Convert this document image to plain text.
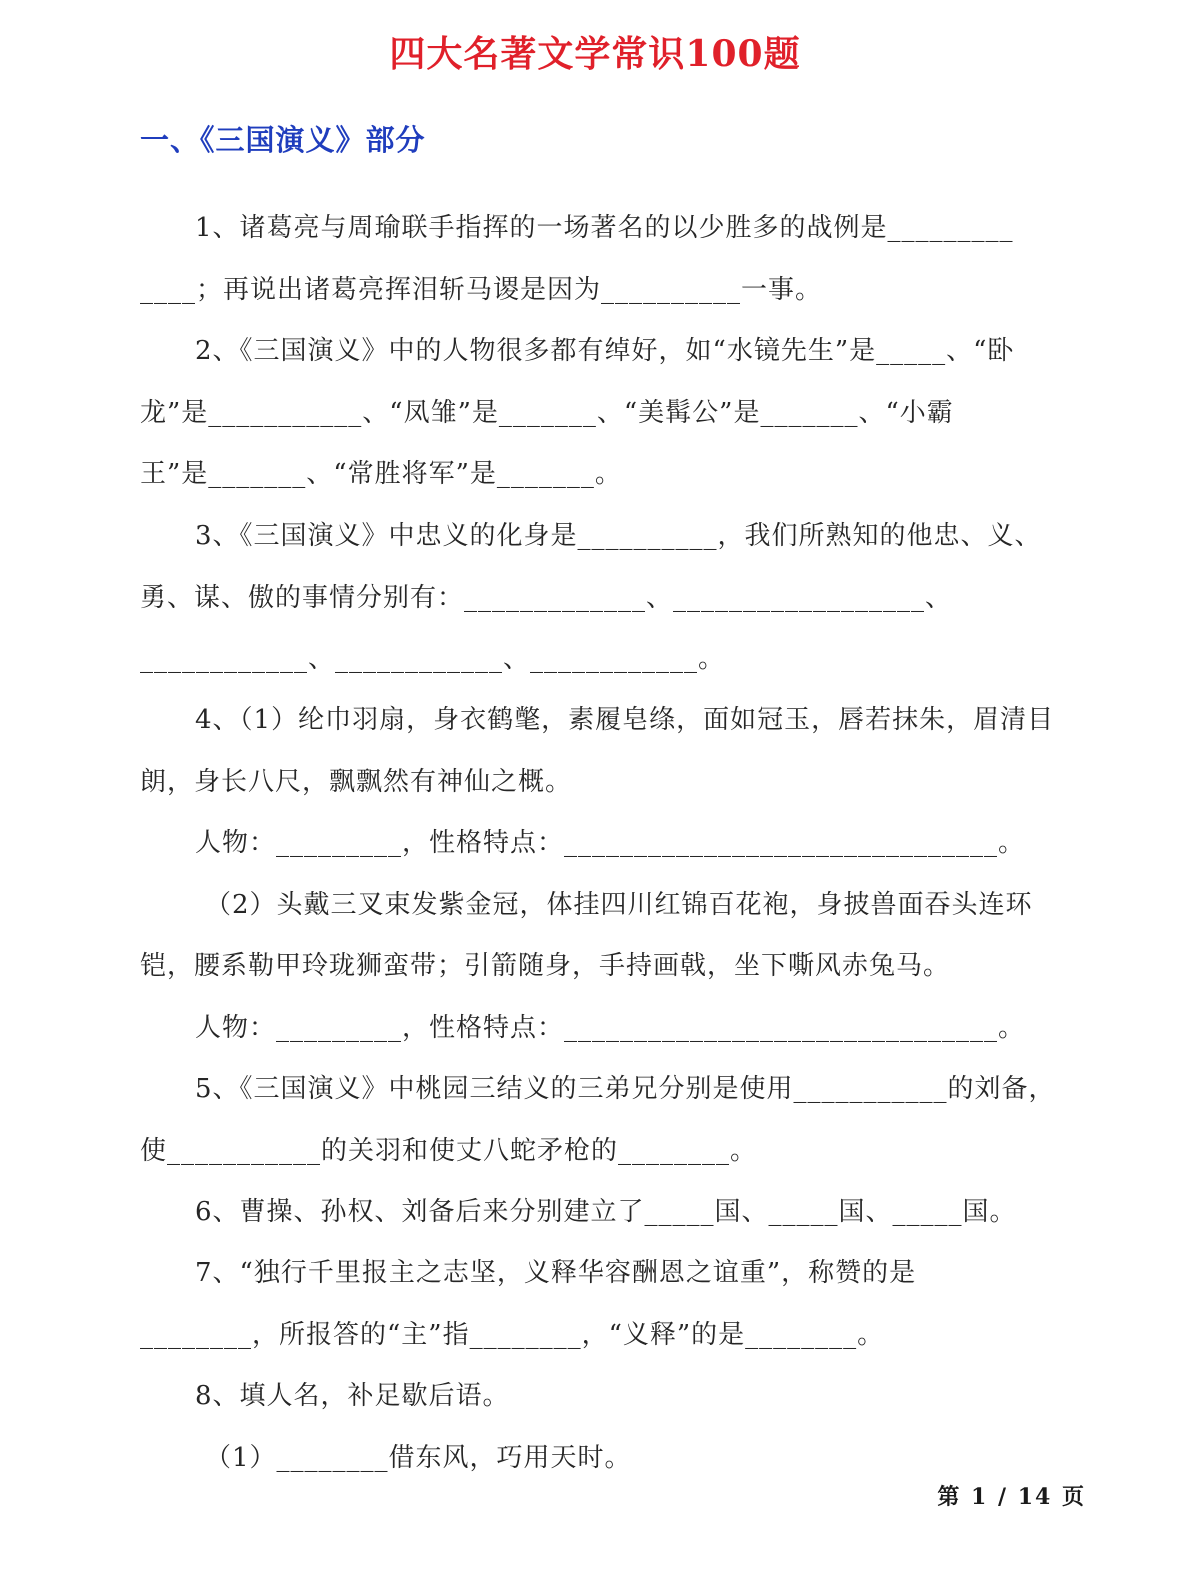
四大名著文学常识100题
一、《三国演义》部分
1、诸葛亮与周瑜联手指挥的一场著名的以少胜多的战例是_________
____；再说出诸葛亮挥泪斩马谡是因为__________一事。
2、《三国演义》中的人物很多都有绰好，如“水镜先生”是_____、“卧
龙”是___________、“凤雏”是_______、“美髯公”是_______、“小霸
王”是_______、“常胜将军”是_______。
3、《三国演义》中忠义的化身是__________，我们所熟知的他忠、义、
勇、谋、傲的事情分别有：_____________、__________________、
____________、____________、____________。
4、（1）纶巾羽扇，身衣鹤氅，素履皂绦，面如冠玉，唇若抹朱，眉清目
朗，身长八尺，飘飘然有神仙之概。
人物：_________，性格特点：_______________________________。
（2）头戴三叉束发紫金冠，体挂四川红锦百花袍，身披兽面吞头连环
铠，腰系勒甲玲珑狮蛮带；引箭随身，手持画戟，坐下嘶风赤兔马。
人物：_________，性格特点：_______________________________。
5、《三国演义》中桃园三结义的三弟兄分别是使用___________的刘备，
使___________的关羽和使丈八蛇矛枪的________。
6、曹操、孙权、刘备后来分别建立了_____国、_____国、_____国。
7、“独行千里报主之志坚，义释华容酬恩之谊重”，称赞的是
________，所报答的“主”指________，“义释”的是________。
8、填人名，补足歇后语。
（1）________借东风，巧用天时。
第 1 / 14 页
